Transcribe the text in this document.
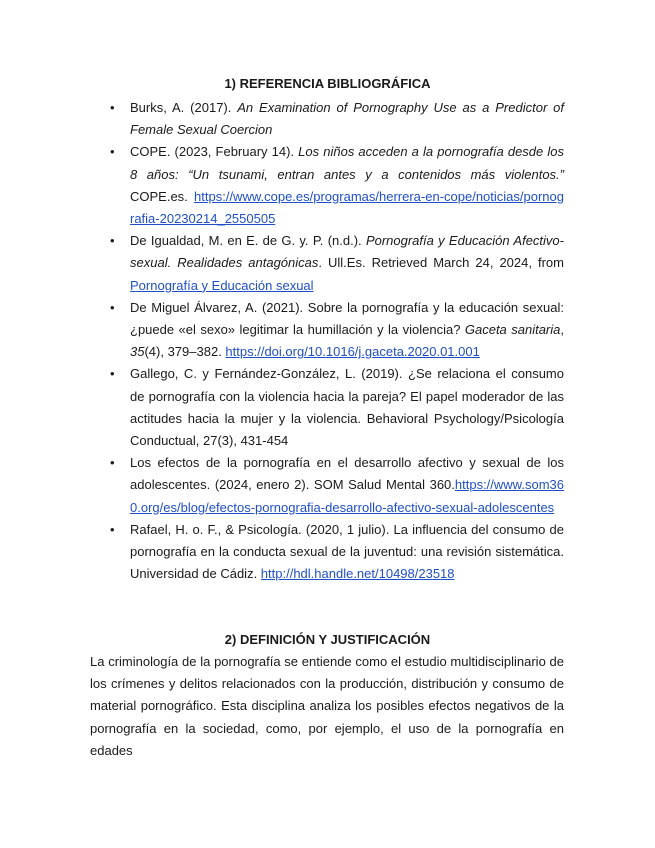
1) REFERENCIA BIBLIOGRÁFICA
• Burks, A. (2017). An Examination of Pornography Use as a Predictor of Female Sexual Coercion
• COPE. (2023, February 14). Los niños acceden a la pornografía desde los 8 años: “Un tsunami, entran antes y a contenidos más violentos.” COPE.es. https://www.cope.es/programas/herrera-en-cope/noticias/pornografia-20230214_2550505
• De Igualdad, M. en E. de G. y. P. (n.d.). Pornografía y Educación Afectivo-sexual. Realidades antagónicas. Ull.Es. Retrieved March 24, 2024, from Pornografía y Educación sexual
• De Miguel Álvarez, A. (2021). Sobre la pornografía y la educación sexual: ¿puede «el sexo» legitimar la humillación y la violencia? Gaceta sanitaria, 35(4), 379–382. https://doi.org/10.1016/j.gaceta.2020.01.001
• Gallego, C. y Fernández-González, L. (2019). ¿Se relaciona el consumo de pornografía con la violencia hacia la pareja? El papel moderador de las actitudes hacia la mujer y la violencia. Behavioral Psychology/Psicología Conductual, 27(3), 431-454
• Los efectos de la pornografía en el desarrollo afectivo y sexual de los adolescentes. (2024, enero 2). SOM Salud Mental 360.https://www.som360.org/es/blog/efectos-pornografia-desarrollo-afectivo-sexual-adolescentes
• Rafael, H. o. F., & Psicología. (2020, 1 julio). La influencia del consumo de pornografía en la conducta sexual de la juventud: una revisión sistemática. Universidad de Cádiz. http://hdl.handle.net/10498/23518
2) DEFINICIÓN Y JUSTIFICACIÓN

La criminología de la pornografía se entiende como el estudio multidisciplinario de los crímenes y delitos relacionados con la producción, distribución y consumo de material pornográfico. Esta disciplina analiza los posibles efectos negativos de la pornografía en la sociedad, como, por ejemplo, el uso de la pornografía en edades
